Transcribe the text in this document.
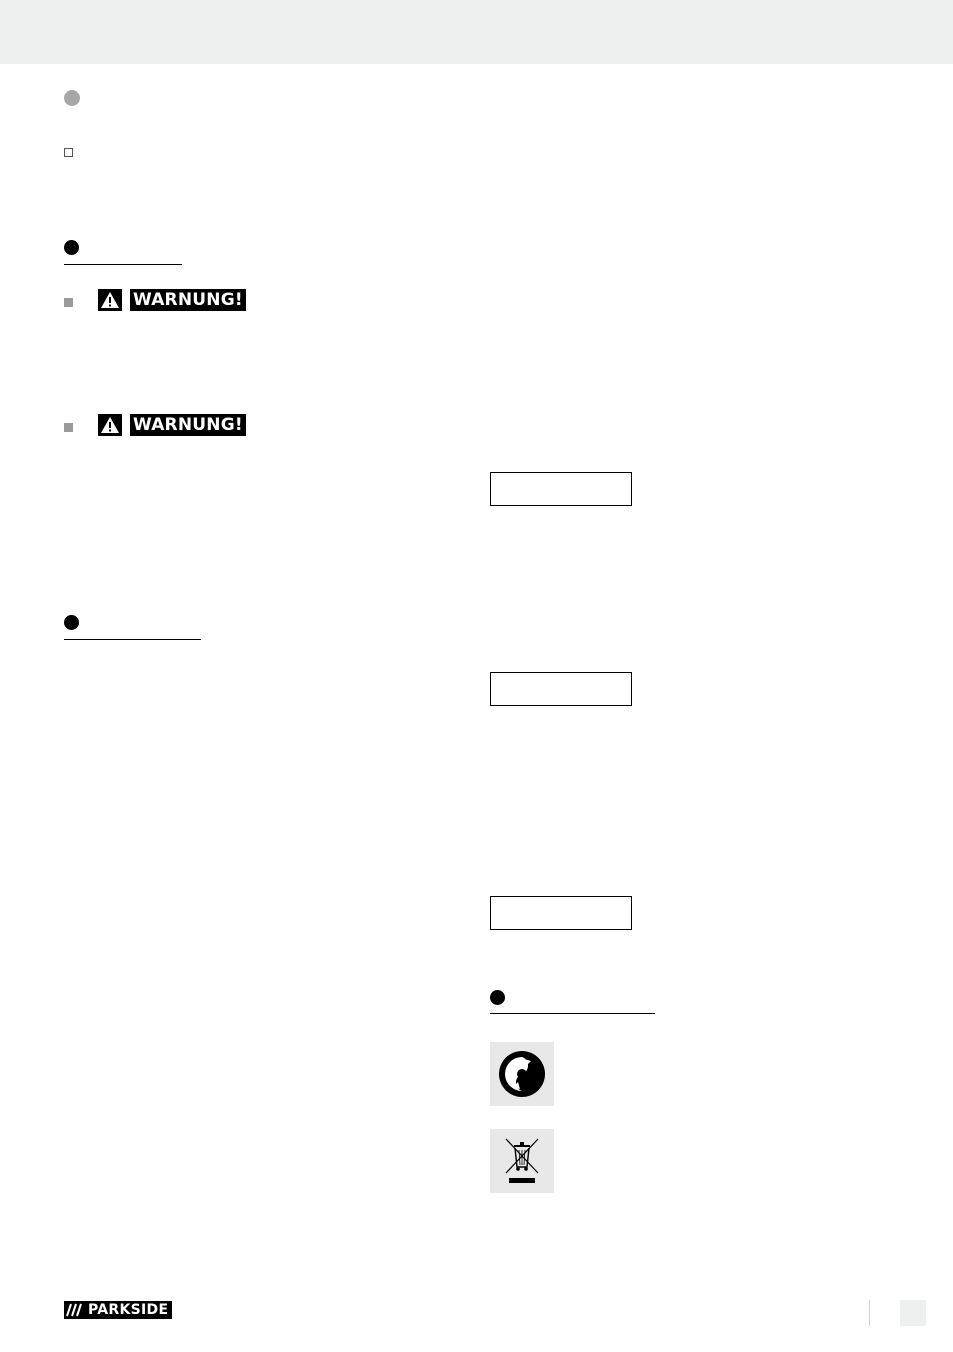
WARNUNG!
WARNUNG!
PARKSIDE
